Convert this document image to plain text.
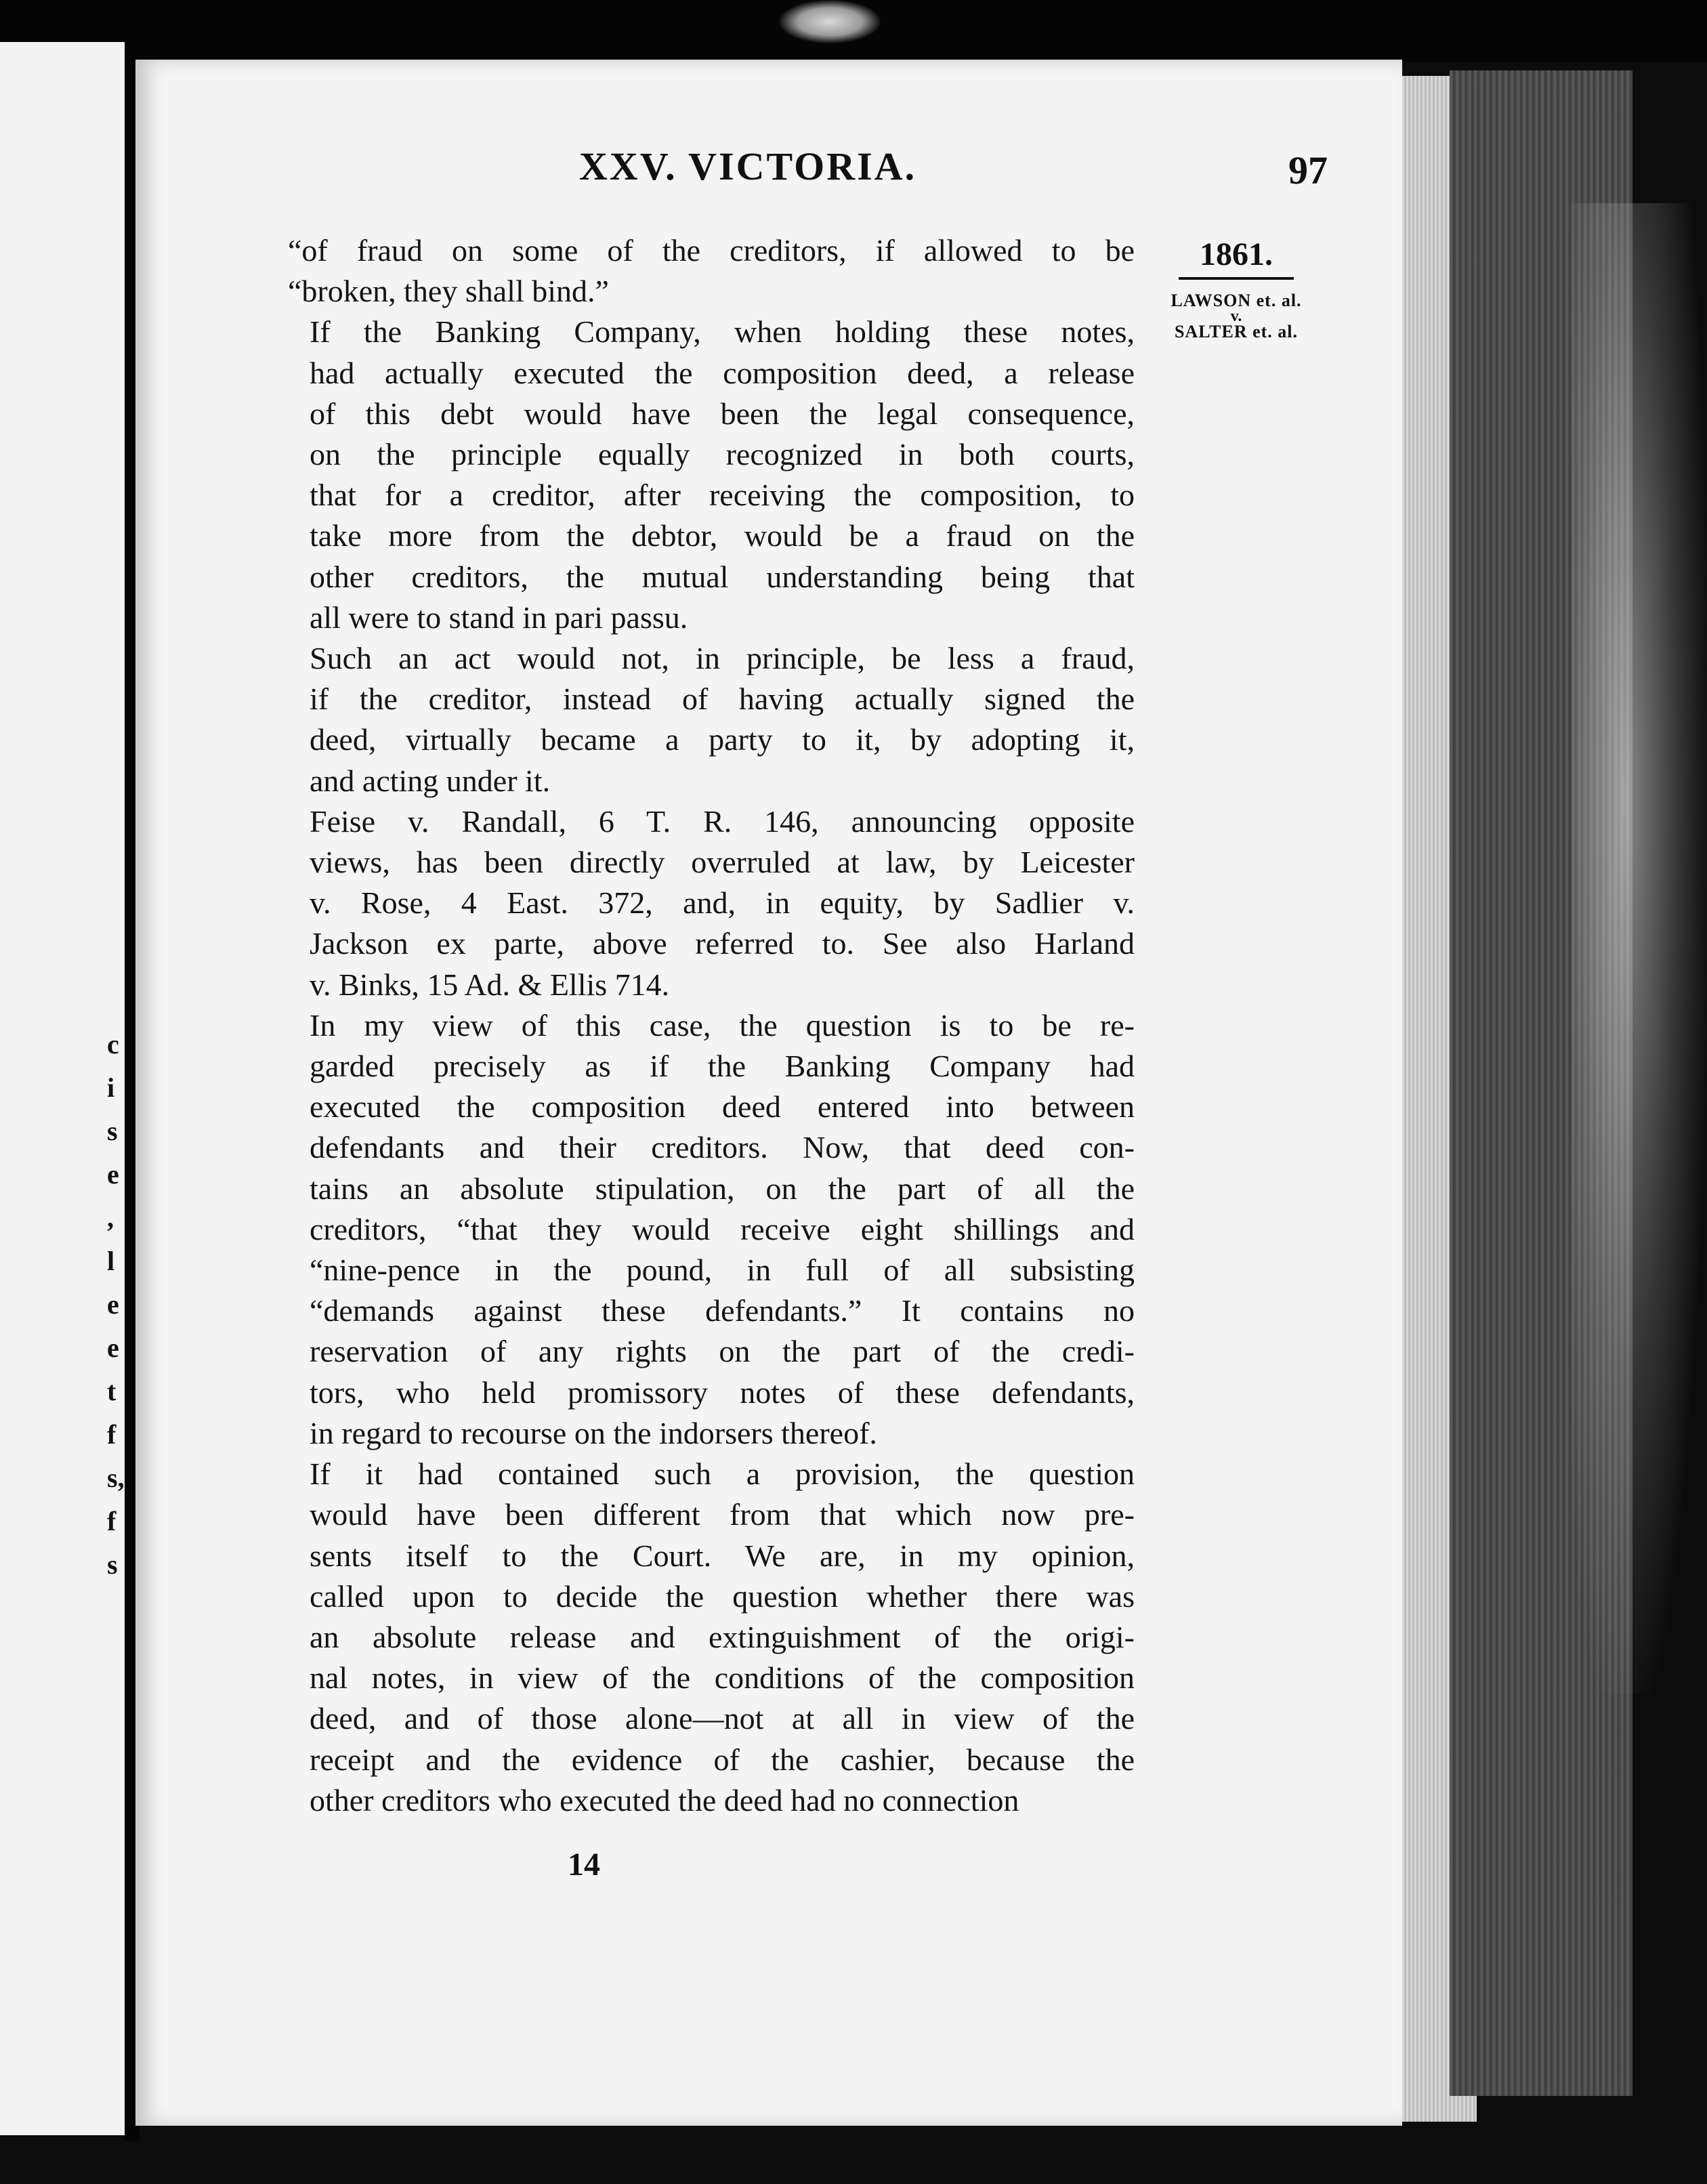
c
i
s
e
,
l
e
e
t
f
s,
f
s
XXV. VICTORIA.	97
1861.
LAWSON et. al.
v.
SALTER et. al.

“of fraud on some of the creditors, if allowed to be
“broken, they shall bind.”

If the Banking Company, when holding these notes,
had actually executed the composition deed, a release
of this debt would have been the legal consequence,
on the principle equally recognized in both courts,
that for a creditor, after receiving the composition, to
take more from the debtor, would be a fraud on the
other creditors, the mutual understanding being that
all were to stand in pari passu.

Such an act would not, in principle, be less a fraud,
if the creditor, instead of having actually signed the
deed, virtually became a party to it, by adopting it,
and acting under it.

Feise v. Randall, 6 T. R. 146, announcing opposite
views, has been directly overruled at law, by Leicester
v. Rose, 4 East. 372, and, in equity, by Sadlier v.
Jackson ex parte, above referred to. See also Harland
v. Binks, 15 Ad. & Ellis 714.

In my view of this case, the question is to be re-
garded precisely as if the Banking Company had
executed the composition deed entered into between
defendants and their creditors. Now, that deed con-
tains an absolute stipulation, on the part of all the
creditors, “that they would receive eight shillings and
“nine-pence in the pound, in full of all subsisting
“demands against these defendants.” It contains no
reservation of any rights on the part of the credi-
tors, who held promissory notes of these defendants,
in regard to recourse on the indorsers thereof.

If it had contained such a provision, the question
would have been different from that which now pre-
sents itself to the Court. We are, in my opinion,
called upon to decide the question whether there was
an absolute release and extinguishment of the origi-
nal notes, in view of the conditions of the composition
deed, and of those alone—not at all in view of the
receipt and the evidence of the cashier, because the
other creditors who executed the deed had no connection

14
